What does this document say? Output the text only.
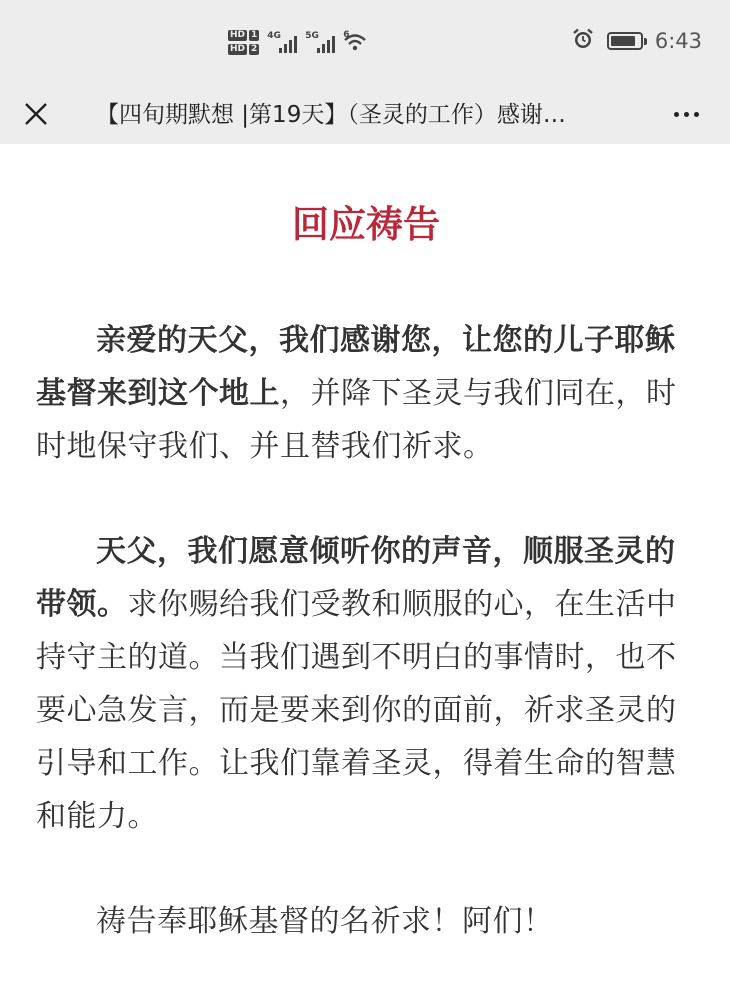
HD 1
HD 2
4G	5G	6	6:43
【四旬期默想 |第19天】（圣灵的工作）感谢…
回应祷告

亲爱的天父，我们感谢您，让您的儿子耶稣基督来到这个地上，并降下圣灵与我们同在，时时地保守我们、并且替我们祈求。

天父，我们愿意倾听你的声音，顺服圣灵的带领。求你赐给我们受教和顺服的心，在生活中持守主的道。当我们遇到不明白的事情时，也不要心急发言，而是要来到你的面前，祈求圣灵的引导和工作。让我们靠着圣灵，得着生命的智慧和能力。

祷告奉耶稣基督的名祈求！阿们！
